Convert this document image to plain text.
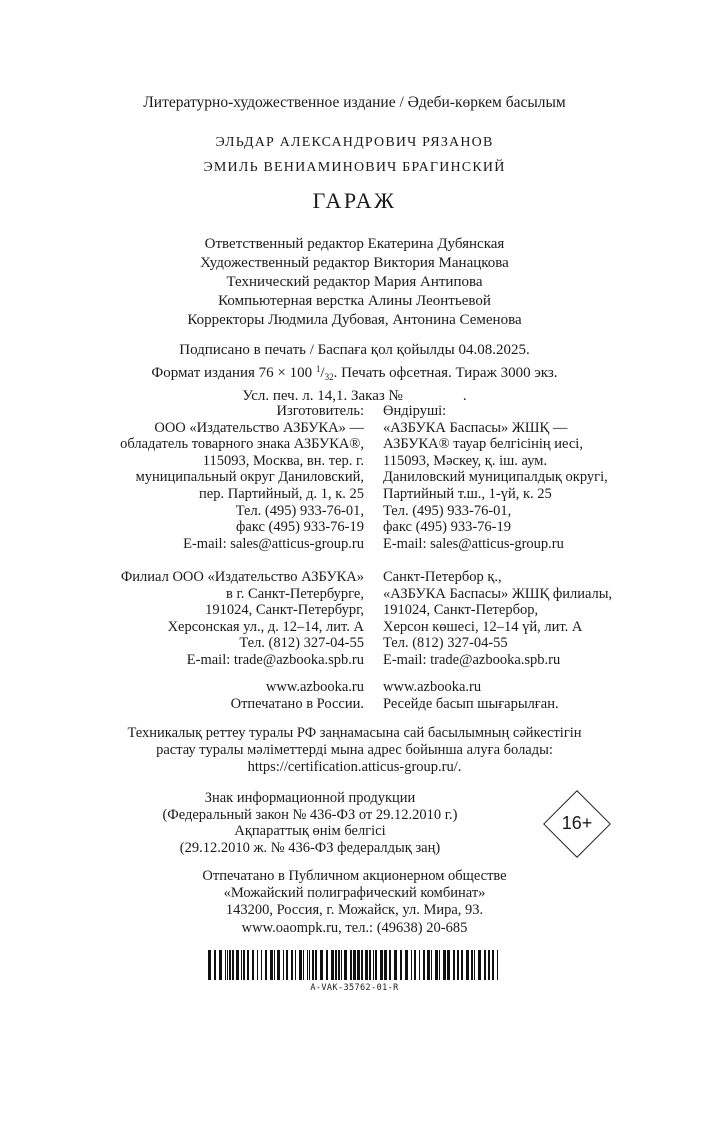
Литературно-художественное издание / Әдеби-көркем басылым
ЭЛЬДАР АЛЕКСАНДРОВИЧ РЯЗАНОВ
ЭМИЛЬ ВЕНИАМИНОВИЧ БРАГИНСКИЙ
ГАРАЖ
Ответственный редактор Екатерина Дубянская
Художественный редактор Виктория Манацкова
Технический редактор Мария Антипова
Компьютерная верстка Алины Леонтьевой
Корректоры Людмила Дубовая, Антонина Семенова
Подписано в печать / Баспаға қол қойылды 04.08.2025.
Формат издания 76 × 100 $^1/_{32}$. Печать офсетная. Тираж 3000 экз.
Усл. печ. л. 14,1. Заказ №	.
Изготовитель:
ООО «Издательство АЗБУКА» —
обладатель товарного знака АЗБУКА®,
115093, Москва, вн. тер. г.
муниципальный округ Даниловский,
пер. Партийный, д. 1, к. 25
Тел. (495) 933-76-01,
факс (495) 933-76-19
E-mail: sales@atticus-group.ru
Өндіруші:
«АЗБУКА Баспасы» ЖШҚ —
АЗБУКА® тауар белгісінің иесі,
115093, Мәскеу, қ. іш. аум.
Даниловский муниципалдық округі,
Партийный т.ш., 1-үй, к. 25
Тел. (495) 933-76-01,
факс (495) 933-76-19
E-mail: sales@atticus-group.ru
Филиал ООО «Издательство АЗБУКА»
в г. Санкт-Петербурге,
191024, Санкт-Петербург,
Херсонская ул., д. 12–14, лит. А
Тел. (812) 327-04-55
E-mail: trade@azbooka.spb.ru
Санкт-Петербор қ.,
«АЗБУКА Баспасы» ЖШҚ филиалы,
191024, Санкт-Петербор,
Херсон көшесі, 12–14 үй, лит. А
Тел. (812) 327-04-55
E-mail: trade@azbooka.spb.ru
www.azbooka.ru
Отпечатано в России.
www.azbooka.ru
Ресейде басып шығарылған.
Техникалық реттеу туралы РФ заңнамасына сай басылымның сәйкестігін
растау туралы мәліметтерді мына адрес бойынша алуға болады:
https://certification.atticus-group.ru/.
Знак информационной продукции
(Федеральный закон № 436-ФЗ от 29.12.2010 г.)
Ақпараттық өнім белгісі
(29.12.2010 ж. № 436-ФЗ федералдық заң)
16+
Отпечатано в Публичном акционерном обществе
«Можайский полиграфический комбинат»
143200, Россия, г. Можайск, ул. Мира, 93.
www.oaompk.ru, тел.: (49638) 20-685
A-VAK-35762-01-R
